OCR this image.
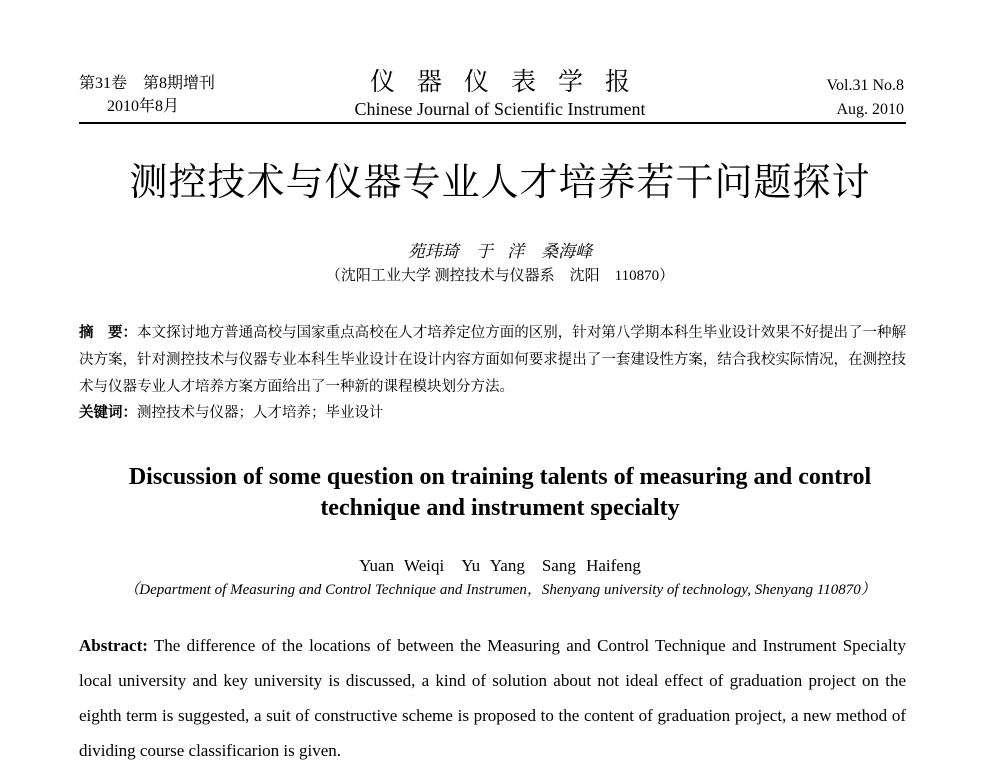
第31卷　第8期增刊
2010年8月
仪器仪表学报
Chinese Journal of Scientific Instrument
Vol.31 No.8
Aug. 2010
测控技术与仪器专业人才培养若干问题探讨
苑玮琦　于 洋　桑海峰
（沈阳工业大学 测控技术与仪器系　沈阳　110870）
摘　要：本文探讨地方普通高校与国家重点高校在人才培养定位方面的区别，针对第八学期本科生毕业设计效果不好提出了一种解决方案，针对测控技术与仪器专业本科生毕业设计在设计内容方面如何要求提出了一套建设性方案，结合我校实际情况，在测控技术与仪器专业人才培养方案方面给出了一种新的课程模块划分方法。
关键词：测控技术与仪器；人才培养；毕业设计
Discussion of some question on training talents of measuring and control
technique and instrument specialty
Yuan Weiqi　Yu Yang　Sang Haifeng
（Department of Measuring and Control Technique and Instrumen，Shenyang university of technology, Shenyang 110870）
Abstract: The difference of the locations of between the Measuring and Control Technique and Instrument Specialty local university and key university is discussed, a kind of solution about not ideal effect of graduation project on the eighth term is suggested, a suit of constructive scheme is proposed to the content of graduation project, a new method of dividing course classificarion is given.
